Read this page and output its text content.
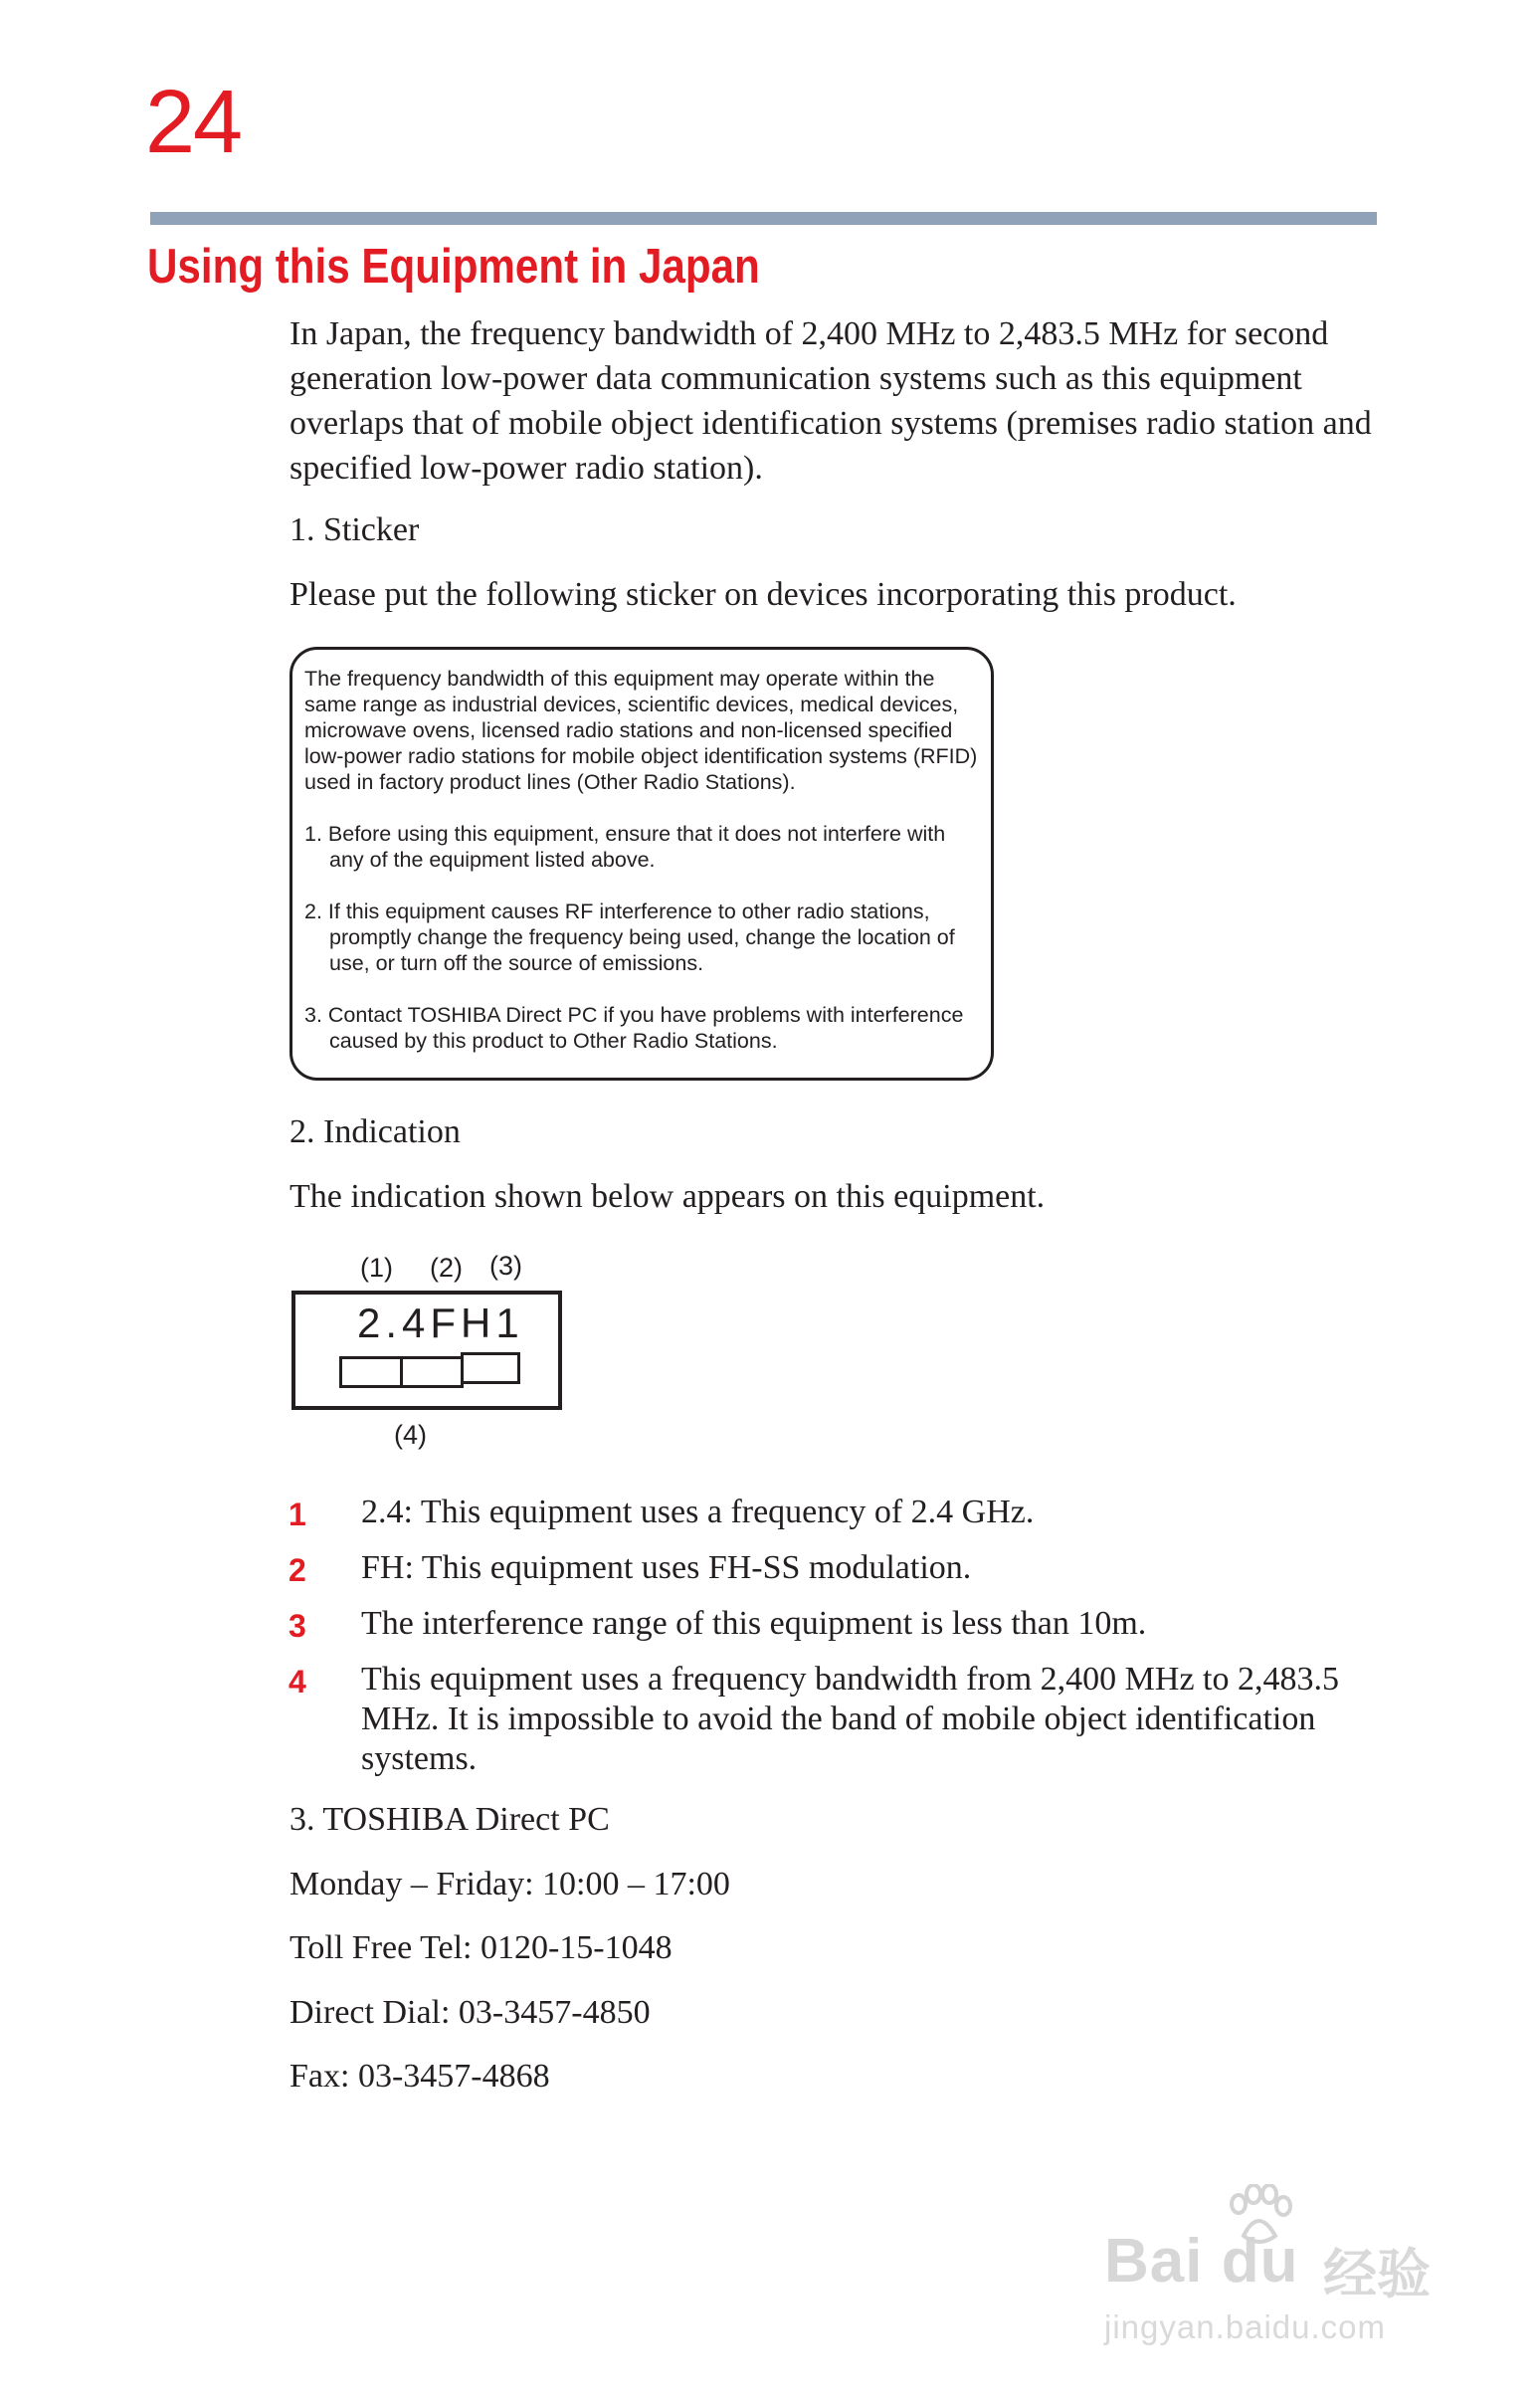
24
Using this Equipment in Japan
In Japan, the frequency bandwidth of 2,400 MHz to 2,483.5 MHz for second generation low-power data communication systems such as this equipment overlaps that of mobile object identification systems (premises radio station and specified low-power radio station).
1. Sticker
Please put the following sticker on devices incorporating this product.

The frequency bandwidth of this equipment may operate within the same range as industrial devices, scientific devices, medical devices, microwave ovens, licensed radio stations and non-licensed specified low-power radio stations for mobile object identification systems (RFID) used in factory product lines (Other Radio Stations).

1. Before using this equipment, ensure that it does not interfere with any of the equipment listed above.

2. If this equipment causes RF interference to other radio stations, promptly change the frequency being used, change the location of use, or turn off the source of emissions.

3. Contact TOSHIBA Direct PC if you have problems with interference caused by this product to Other Radio Stations.

2. Indication
The indication shown below appears on this equipment.
(1) (2) (3)
2.4FH1
(4)
1 2.4: This equipment uses a frequency of 2.4 GHz.
2 FH: This equipment uses FH-SS modulation.
3 The interference range of this equipment is less than 10m.
4 This equipment uses a frequency bandwidth from 2,400 MHz to 2,483.5 MHz. It is impossible to avoid the band of mobile object identification systems.
3. TOSHIBA Direct PC
Monday – Friday: 10:00 – 17:00
Toll Free Tel: 0120-15-1048
Direct Dial: 03-3457-4850
Fax: 03-3457-4868
Bai du 经验
jingyan.baidu.com
